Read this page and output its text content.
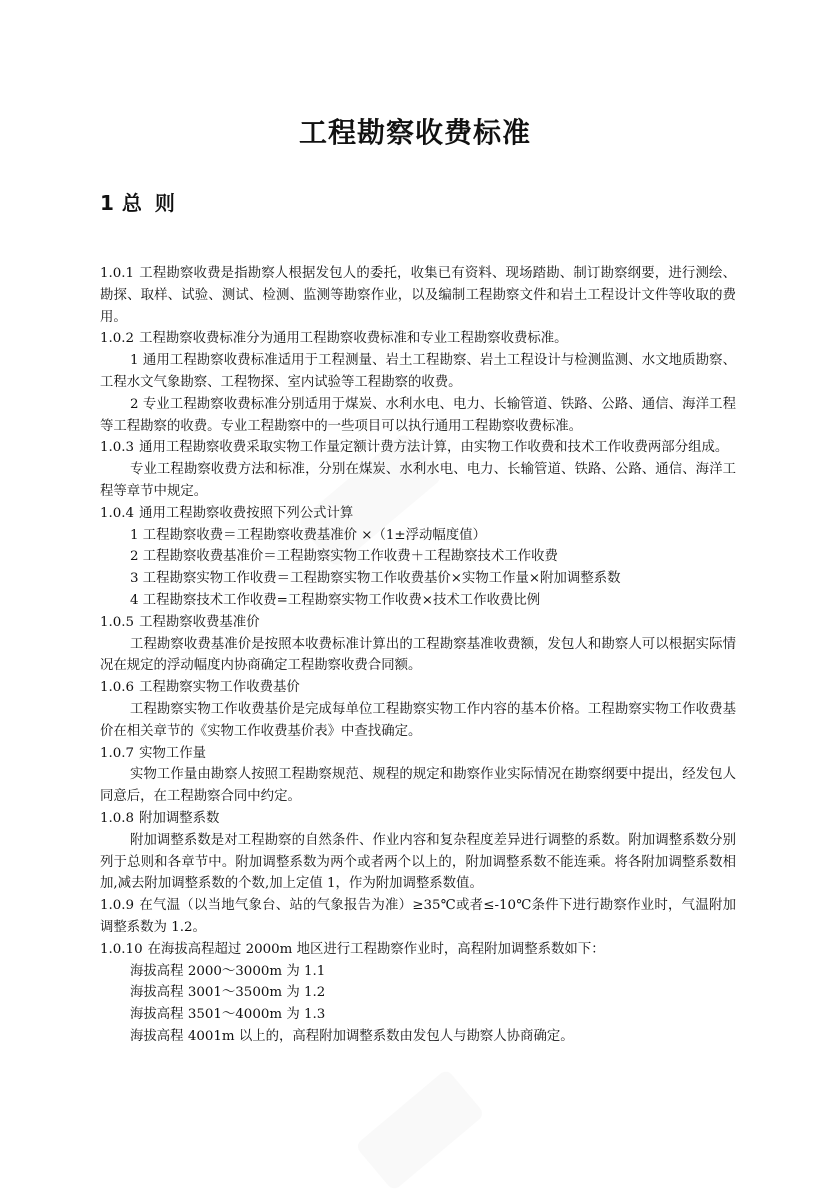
工程勘察收费标准
1 总 则

1.0.1 工程勘察收费是指勘察人根据发包人的委托，收集已有资料、现场踏勘、制订勘察纲要，进行测绘、勘探、取样、试验、测试、检测、监测等勘察作业，以及编制工程勘察文件和岩土工程设计文件等收取的费用。

1.0.2 工程勘察收费标准分为通用工程勘察收费标准和专业工程勘察收费标准。

1 通用工程勘察收费标准适用于工程测量、岩土工程勘察、岩土工程设计与检测监测、水文地质勘察、工程水文气象勘察、工程物探、室内试验等工程勘察的收费。

2 专业工程勘察收费标准分别适用于煤炭、水利水电、电力、长输管道、铁路、公路、通信、海洋工程等工程勘察的收费。专业工程勘察中的一些项目可以执行通用工程勘察收费标准。

1.0.3 通用工程勘察收费采取实物工作量定额计费方法计算，由实物工作收费和技术工作收费两部分组成。

专业工程勘察收费方法和标准，分别在煤炭、水利水电、电力、长输管道、铁路、公路、通信、海洋工程等章节中规定。

1.0.4 通用工程勘察收费按照下列公式计算

1 工程勘察收费＝工程勘察收费基准价 ×（1±浮动幅度值）

2 工程勘察收费基准价＝工程勘察实物工作收费＋工程勘察技术工作收费

3 工程勘察实物工作收费＝工程勘察实物工作收费基价×实物工作量×附加调整系数

4 工程勘察技术工作收费=工程勘察实物工作收费×技术工作收费比例

1.0.5 工程勘察收费基准价

工程勘察收费基准价是按照本收费标准计算出的工程勘察基准收费额，发包人和勘察人可以根据实际情况在规定的浮动幅度内协商确定工程勘察收费合同额。

1.0.6 工程勘察实物工作收费基价

工程勘察实物工作收费基价是完成每单位工程勘察实物工作内容的基本价格。工程勘察实物工作收费基价在相关章节的《实物工作收费基价表》中查找确定。

1.0.7 实物工作量

实物工作量由勘察人按照工程勘察规范、规程的规定和勘察作业实际情况在勘察纲要中提出，经发包人同意后，在工程勘察合同中约定。

1.0.8 附加调整系数

附加调整系数是对工程勘察的自然条件、作业内容和复杂程度差异进行调整的系数。附加调整系数分别列于总则和各章节中。附加调整系数为两个或者两个以上的，附加调整系数不能连乘。将各附加调整系数相加,减去附加调整系数的个数,加上定值 1，作为附加调整系数值。

1.0.9 在气温（以当地气象台、站的气象报告为准）≥35℃或者≤-10℃条件下进行勘察作业时，气温附加调整系数为 1.2。

1.0.10 在海拔高程超过 2000m 地区进行工程勘察作业时，高程附加调整系数如下：

海拔高程 2000～3000m 为 1.1

海拔高程 3001～3500m 为 1.2

海拔高程 3501～4000m 为 1.3

海拔高程 4001m 以上的，高程附加调整系数由发包人与勘察人协商确定。
